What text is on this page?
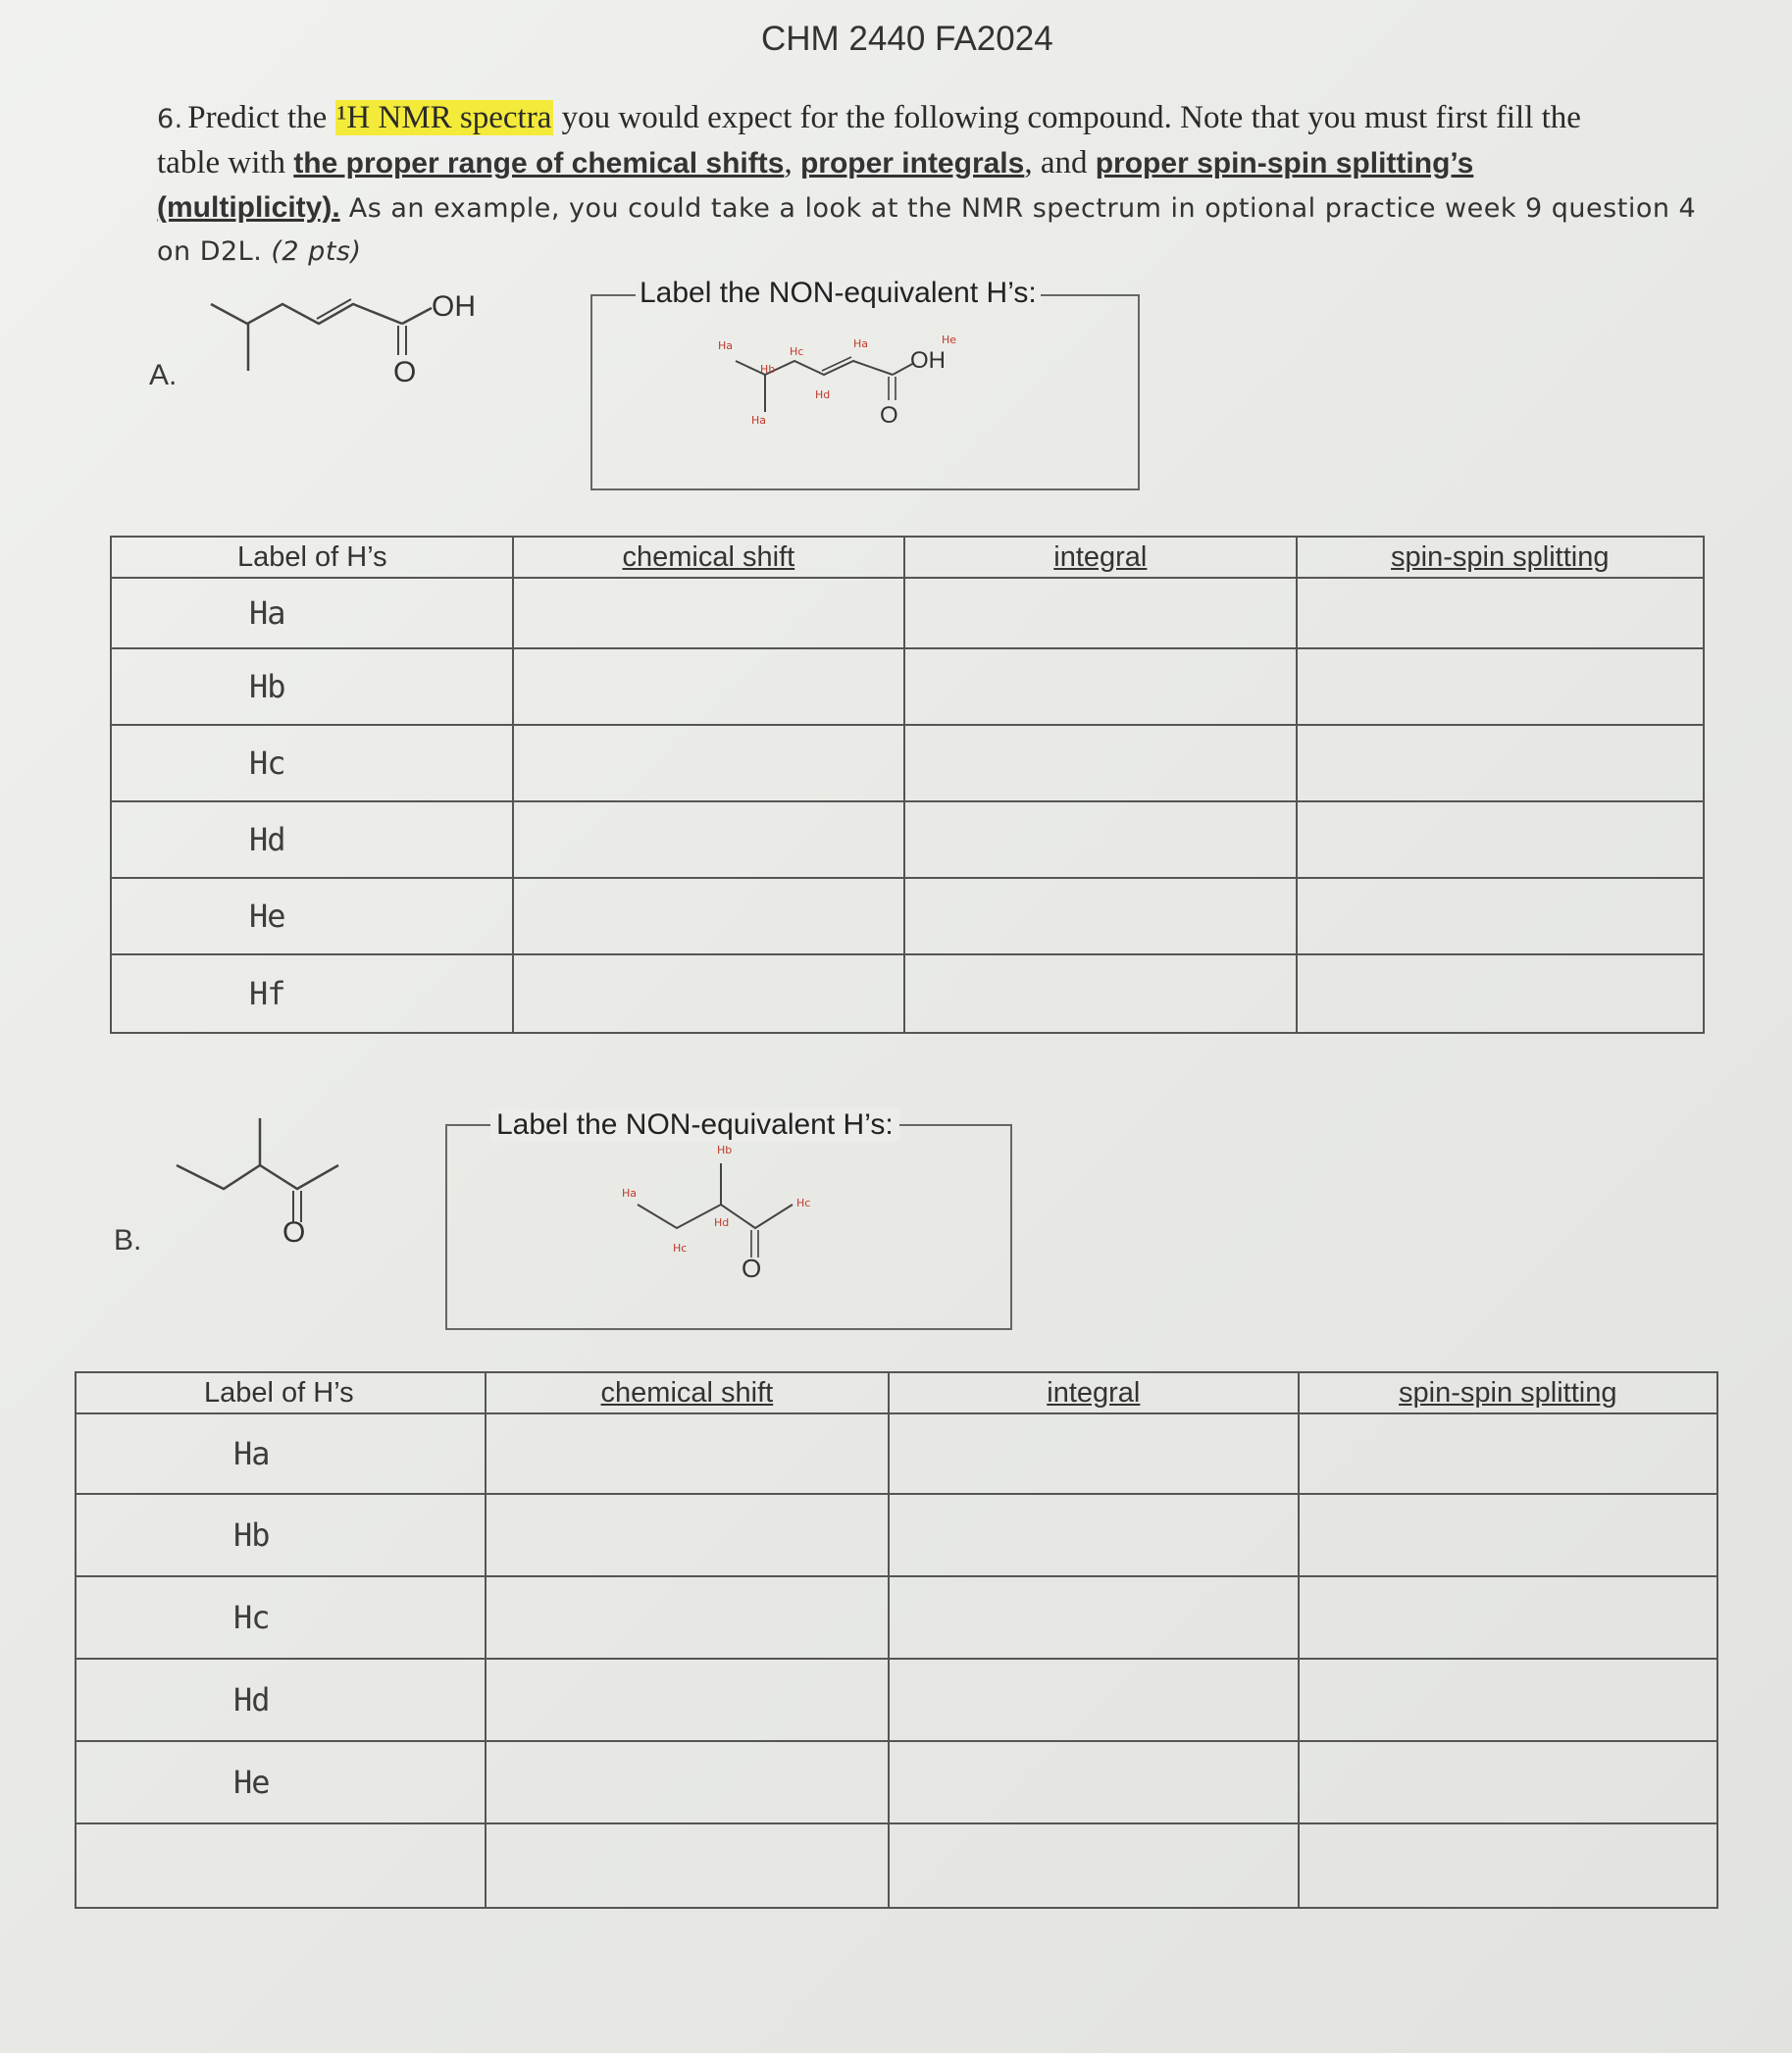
CHM 2440 FA2024
6. Predict the ¹H NMR spectra you would expect for the following compound. Note that you must first fill the
table with the proper range of chemical shifts, proper integrals, and proper spin-spin splitting’s
(multiplicity). As an example, you could take a look at the NMR spectrum in optional practice week 9 question 4
on D2L. (2 pts)
A.
OH
O
Label the NON-equivalent H’s:
OH
O
Ha
Hb
Hc
Hd
Ha
Ha	He
Label of H’s	chemical shift	integral	spin-spin splitting
Ha			
Hb			
Hc			
Hd			
He			
Hf			
B.	O
Label the NON-equivalent H’s:
O
Hb
Ha
Hd
Hc
Hc
Label of H’s	chemical shift	integral	spin-spin splitting
Ha			
Hb			
Hc			
Hd			
He			
